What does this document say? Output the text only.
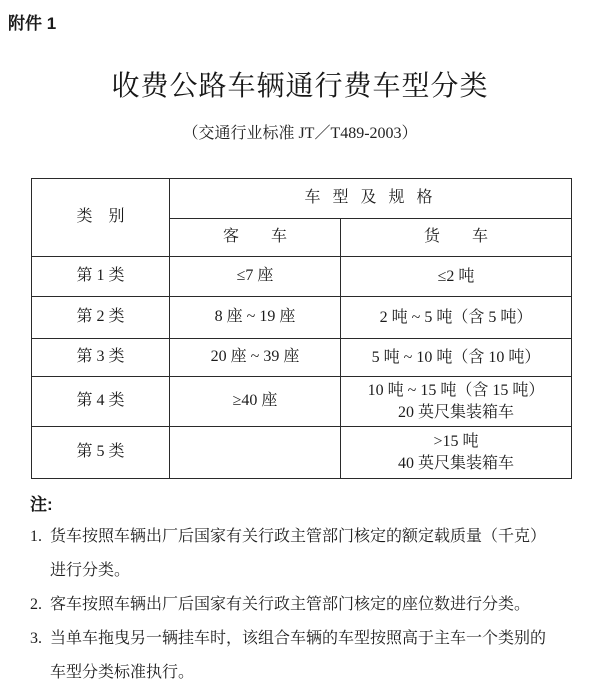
附件 1
收费公路车辆通行费车型分类
（交通行业标准 JT／T489-2003）
类　别	车 型 及 规 格	
	客　　车	货　　车
第 1 类	≤7 座	≤2 吨

第 2 类	8 座 ~ 19 座	2 吨 ~ 5 吨（含 5 吨）

第 3 类	20 座 ~ 39 座	5 吨 ~ 10 吨（含 10 吨）

第 4 类	≥40 座	10 吨 ~ 15 吨（含 15 吨）
20 英尺集装箱车

第 5 类		>15 吨
40 英尺集装箱车
注:
1. 货车按照车辆出厂后国家有关行政主管部门核定的额定载质量（千克）
进行分类。
2. 客车按照车辆出厂后国家有关行政主管部门核定的座位数进行分类。
3. 当单车拖曳另一辆挂车时，该组合车辆的车型按照高于主车一个类别的
车型分类标准执行。
